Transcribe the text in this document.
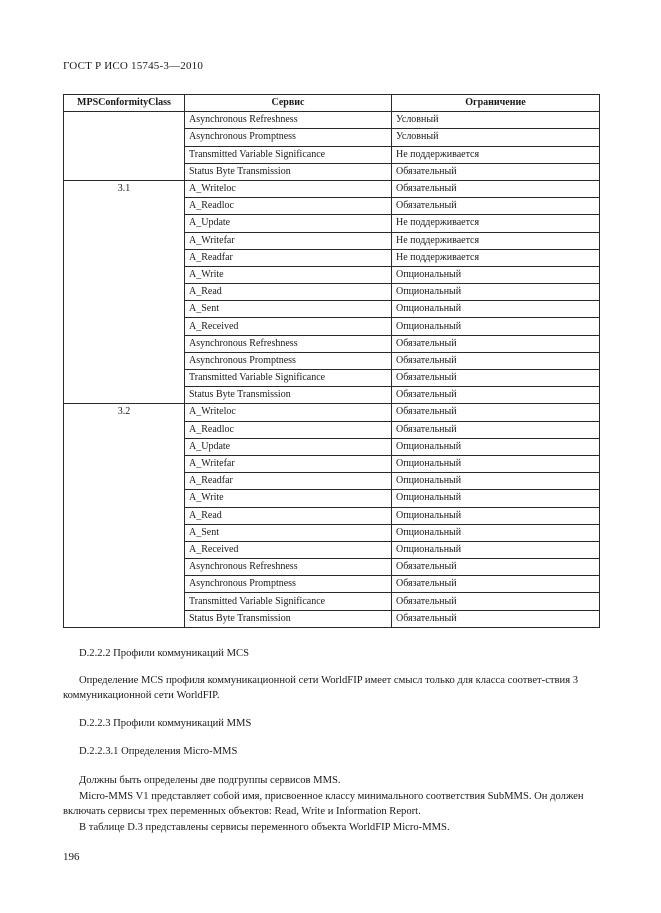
ГОСТ Р ИСО 15745-3—2010
MPSConformityClass	Сервис	Ограничение
	Asynchronous Refreshness	Условный
	Asynchronous Promptness	Условный
	Transmitted Variable Significance	Не поддерживается
	Status Byte Transmission	Обязательный
3.1	A_Writeloc	Обязательный
	A_Readloc	Обязательный
	A_Update	Не поддерживается
	A_Writefar	Не поддерживается
	A_Readfar	Не поддерживается
	A_Write	Опциональный
	A_Read	Опциональный
	A_Sent	Опциональный
	A_Received	Опциональный
	Asynchronous Refreshness	Обязательный
	Asynchronous Promptness	Обязательный
	Transmitted Variable Significance	Обязательный
	Status Byte Transmission	Обязательный
3.2	A_Writeloc	Обязательный
	A_Readloc	Обязательный
	A_Update	Опциональный
	A_Writefar	Опциональный
	A_Readfar	Опциональный
	A_Write	Опциональный
	A_Read	Опциональный
	A_Sent	Опциональный
	A_Received	Опциональный
	Asynchronous Refreshness	Обязательный
	Asynchronous Promptness	Обязательный
	Transmitted Variable Significance	Обязательный
	Status Byte Transmission	Обязательный

D.2.2.2 Профили коммуникаций MCS

Определение MCS профиля коммуникационной сети WorldFIP имеет смысл только для класса соответ-ствия 3 коммуникационной сети WorldFIP.

D.2.2.3 Профили коммуникаций MMS

D.2.2.3.1 Определения Micro-MMS

Должны быть определены две подгруппы сервисов MMS.

Micro-MMS V1 представляет собой имя, присвоенное классу минимального соответствия SubMMS. Он должен включать сервисы трех переменных объектов: Read, Write и Information Report.

В таблице D.3 представлены сервисы переменного объекта WorldFIP Micro-MMS.

196
